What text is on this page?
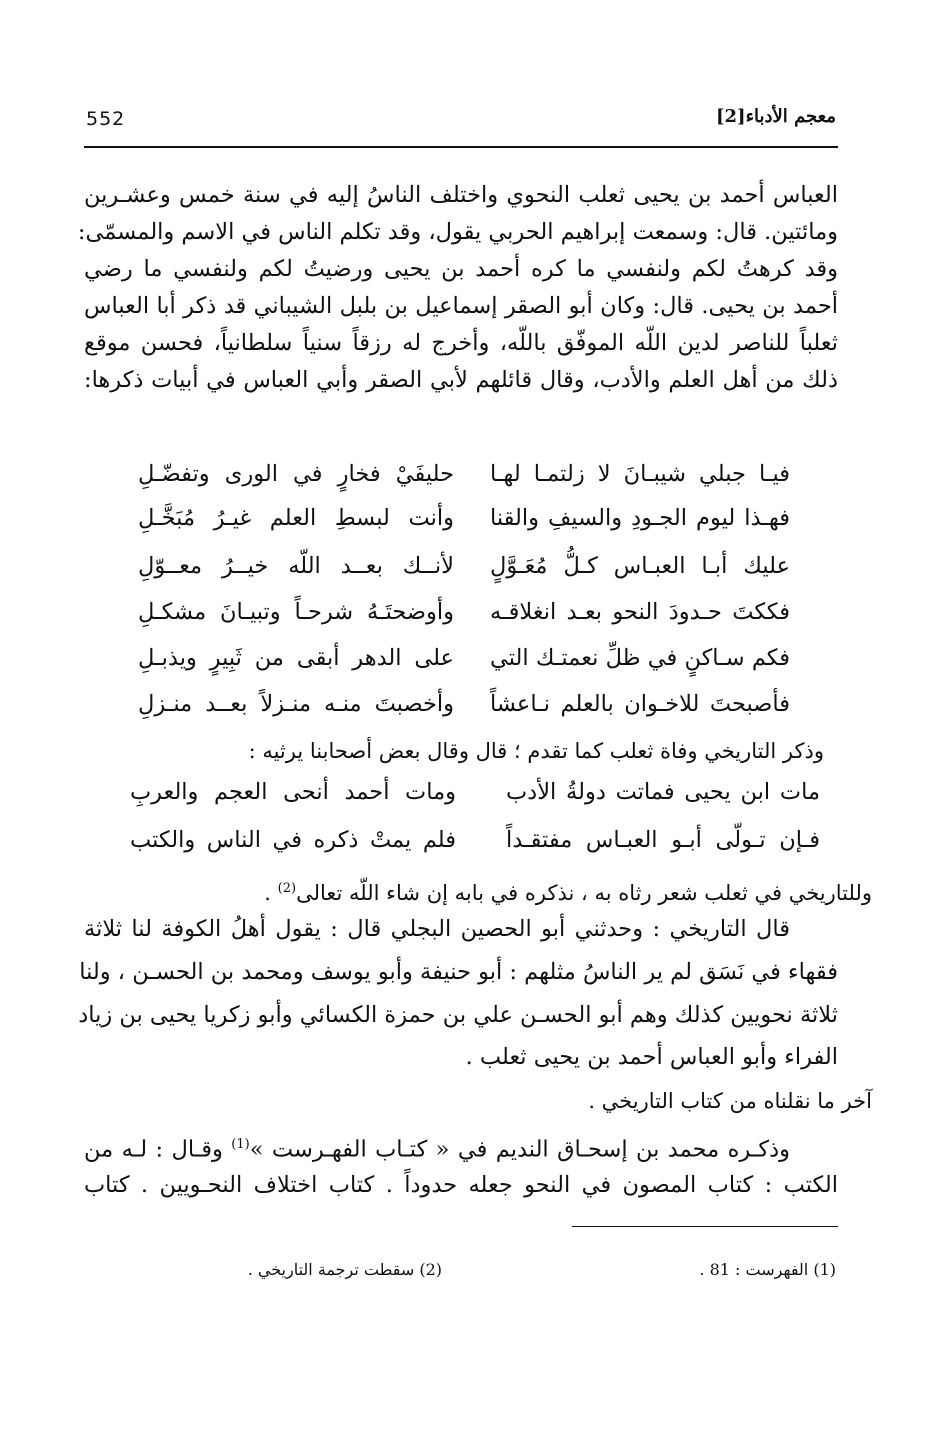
552	معجم الأدباء[2]
العباس أحمد بن يحيى ثعلب النحوي واختلف الناسُ إليه في سنة خمس وعشـرين
ومائتين. قال: وسمعت إبراهيم الحربي يقول، وقد تكلم الناس في الاسم والمسمّى:
وقد كرهتُ لكم ولنفسي ما كره أحمد بن يحيى ورضيتُ لكم ولنفسي ما رضي
أحمد بن يحيى. قال: وكان أبو الصقر إسماعيل بن بلبل الشيباني قد ذكر أبا العباس
ثعلباً للناصر لدين اللّه الموفّق باللّه، وأخرج له رزقاً سنياً سلطانياً، فحسن موقع
ذلك من أهل العلم والأدب، وقال قائلهم لأبي الصقر وأبي العباس في أبيات ذكرها:
فيـا جبلي شيبـانَ لا زلتمـا لهـا
حليفَيْ فخارٍ في الورى وتفضّـلِ
فهـذا ليوم الجـودِ والسيفِ والقنا
وأنت لبسطِ العلم غيـرُ مُبَخَّـلِ
عليك أبـا العبـاس كـلُّ مُعَـوَّلٍ
لأنــك بعــد اللّه خيــرُ معــوّلِ
فككتَ حـدودَ النحو بعـد انغلاقـه
وأوضحتَـهُ شرحـاً وتبيـانَ مشكـلِ
فكم سـاكنٍ في ظلِّ نعمتـك التي
على الدهر أبقى من ثَبِيرٍ ويذبـلِ
فأصبحتَ للاخـوان بالعلم نـاعشاً
وأخصبتَ منـه منـزلاً بعــد منـزلِ
وذكر التاريخي وفاة ثعلب كما تقدم ؛ قال وقال بعض أصحابنا يرثيه :
مات ابن يحيى فماتت دولةُ الأدب
ومات أحمد أنحى العجم والعربِ
فـإن تـولّى أبـو العبـاس مفتقـداً
فلم يمتْ ذكره في الناس والكتب
وللتاريخي في ثعلب شعر رثاه به ، نذكره في بابه إن شاء اللّه تعالى$^{(2)}$ .
قال التاريخي : وحدثني أبو الحصين البجلي قال : يقول أهلُ الكوفة لنا ثلاثة
فقهاء في نَسَق لم ير الناسُ مثلهم : أبو حنيفة وأبو يوسف ومحمد بن الحسـن ، ولنا
ثلاثة نحويين كذلك وهم أبو الحسـن علي بن حمزة الكسائي وأبو زكريا يحيى بن زياد
الفراء وأبو العباس أحمد بن يحيى ثعلب .
آخر ما نقلناه من كتاب التاريخي .
وذكـره محمد بن إسحـاق النديم في « كتـاب الفهـرست »$^{(1)}$ وقـال : لـه من
الكتب : كتاب المصون في النحو جعله حدوداً . كتاب اختلاف النحـويين . كتاب
(1) الفهرست : 81 .
(2) سقطت ترجمة التاريخي .
